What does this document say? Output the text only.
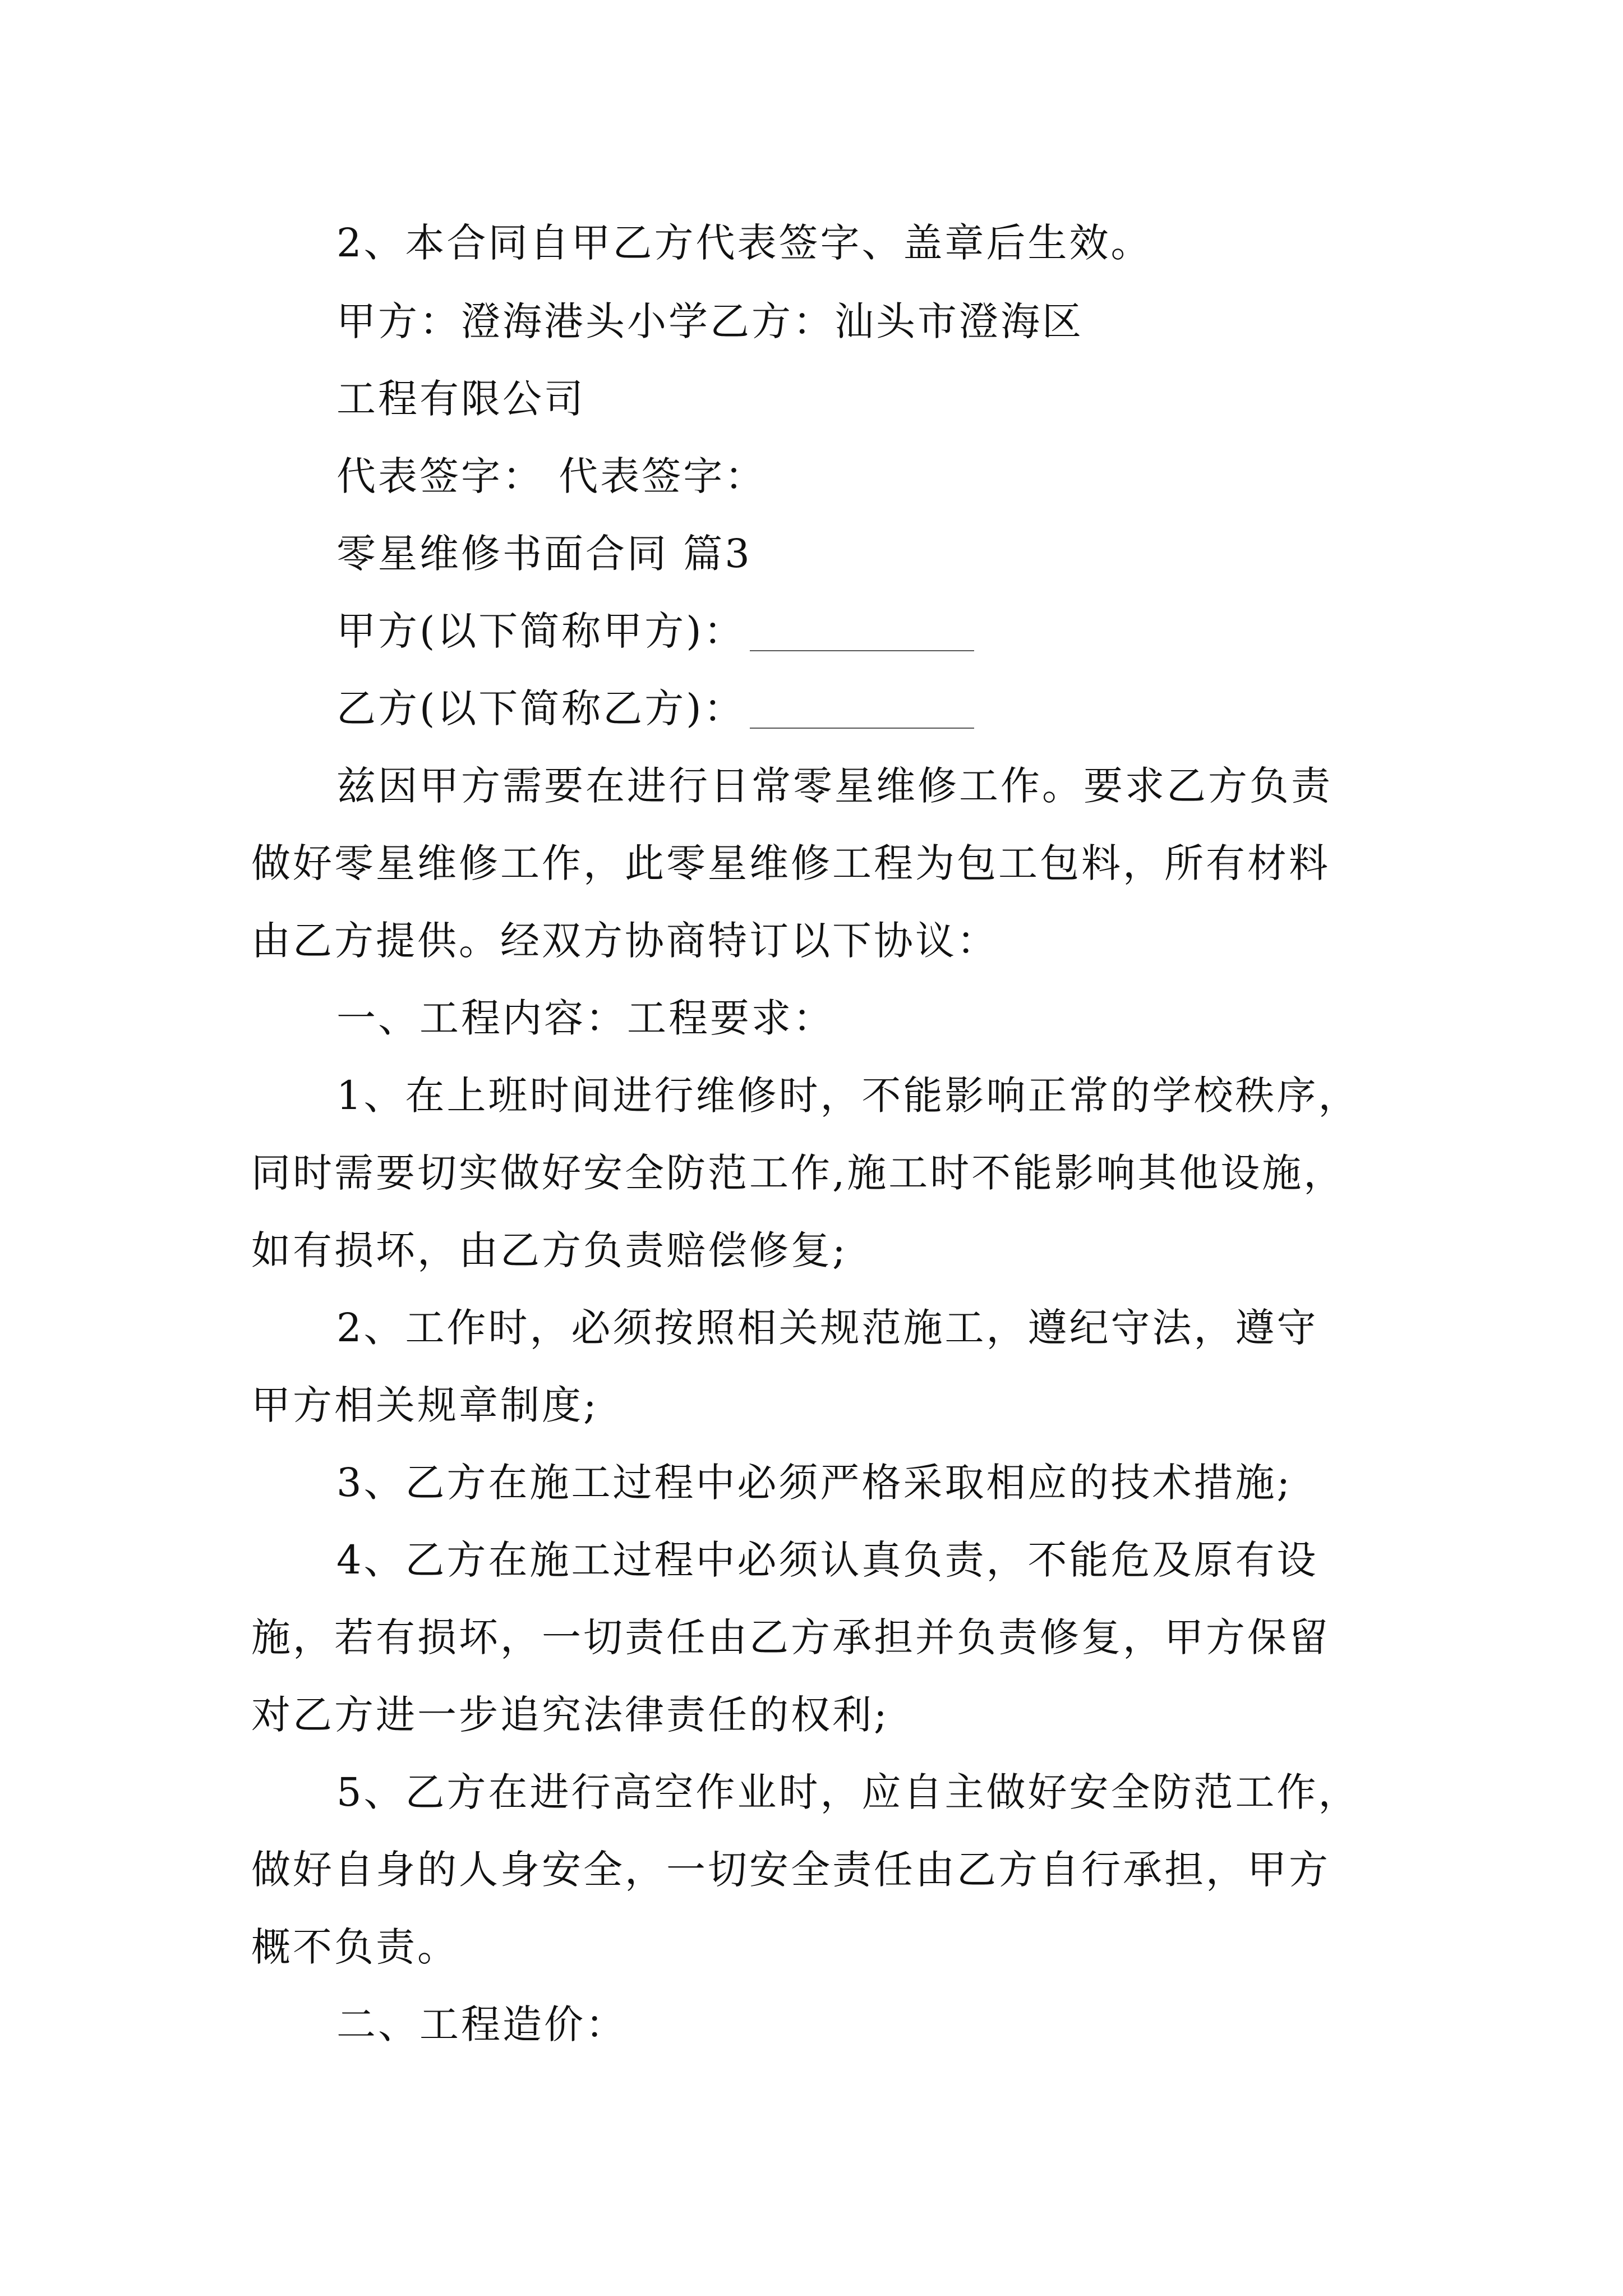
2、本合同自甲乙方代表签字、盖章后生效。
甲方：澄海港头小学乙方：汕头市澄海区
工程有限公司
代表签字： 代表签字：
零星维修书面合同 篇3
甲方(以下简称甲方)：
乙方(以下简称乙方)：
兹因甲方需要在进行日常零星维修工作。要求乙方负责
做好零星维修工作，此零星维修工程为包工包料，所有材料
由乙方提供。经双方协商特订以下协议：
一、工程内容：工程要求：
1、在上班时间进行维修时，不能影响正常的学校秩序，
同时需要切实做好安全防范工作,施工时不能影响其他设施，
如有损坏，由乙方负责赔偿修复;
2、工作时，必须按照相关规范施工，遵纪守法，遵守
甲方相关规章制度;
3、乙方在施工过程中必须严格采取相应的技术措施;
4、乙方在施工过程中必须认真负责，不能危及原有设
施，若有损坏，一切责任由乙方承担并负责修复，甲方保留
对乙方进一步追究法律责任的权利;
5、乙方在进行高空作业时，应自主做好安全防范工作，
做好自身的人身安全，一切安全责任由乙方自行承担，甲方
概不负责。
二、工程造价：
